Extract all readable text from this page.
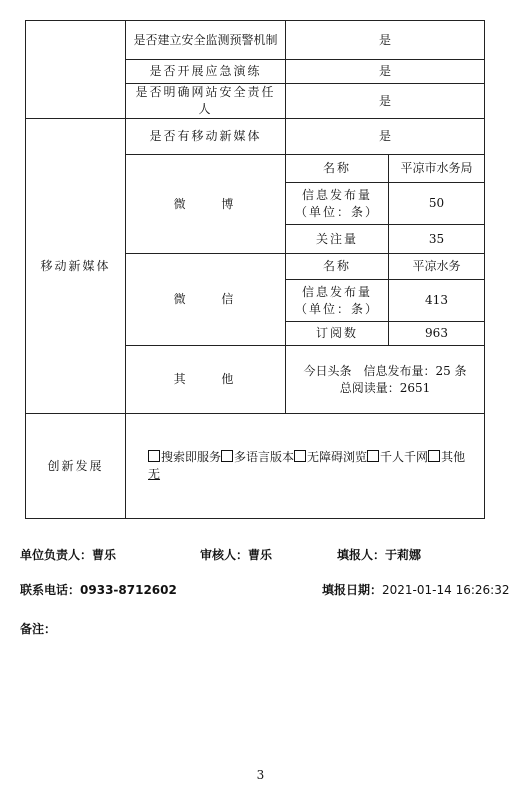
	是否建立安全监测预警机制	是	
	是否开展应急演练	是	
	是否明确网站安全责任人	是	
移动新媒体	是否有移动新媒体	是	
	微 博	名称	平凉市水务局
		信息发布量（单位：条）	50
		关注量	35
	微 信	名称	平凉水务
		信息发布量（单位：条）	413
		订阅数	963
	其 他	今日头条　信息发布量：25 条
总阅读量：2651	

创新发展	搜索即服务 多语言版本 无障碍浏览 千人千网 其他
无		
单位负责人：曹乐	审核人：曹乐	填报人：于莉娜
联系电话：0933-8712602	填报日期：2021-01-14 16:26:32
备注：
3
